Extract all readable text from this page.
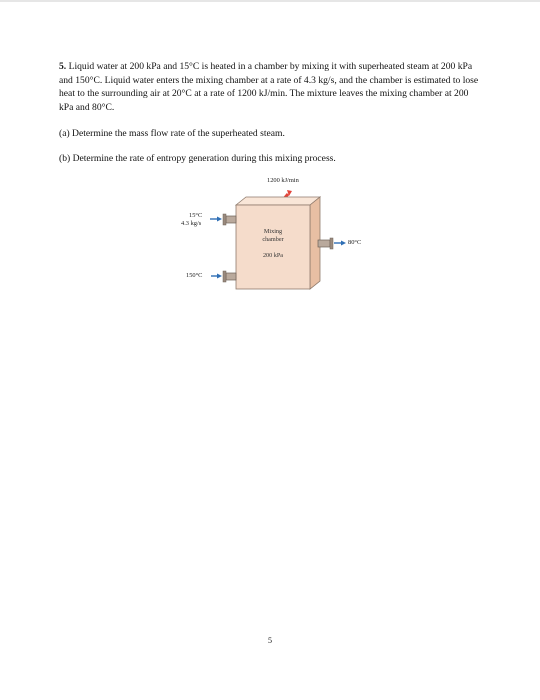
5. Liquid water at 200 kPa and 15°C is heated in a chamber by mixing it with superheated steam at 200 kPa and 150°C. Liquid water enters the mixing chamber at a rate of 4.3 kg/s, and the chamber is estimated to lose heat to the surrounding air at 20°C at a rate of 1200 kJ/min. The mixture leaves the mixing chamber at 200 kPa and 80°C.

(a) Determine the mass flow rate of the superheated steam.

(b) Determine the rate of entropy generation during this mixing process.

1200 kJ/min
15°C
4.3 kg/s
150°C
80°C
Mixing
chamber
200 kPa

5
